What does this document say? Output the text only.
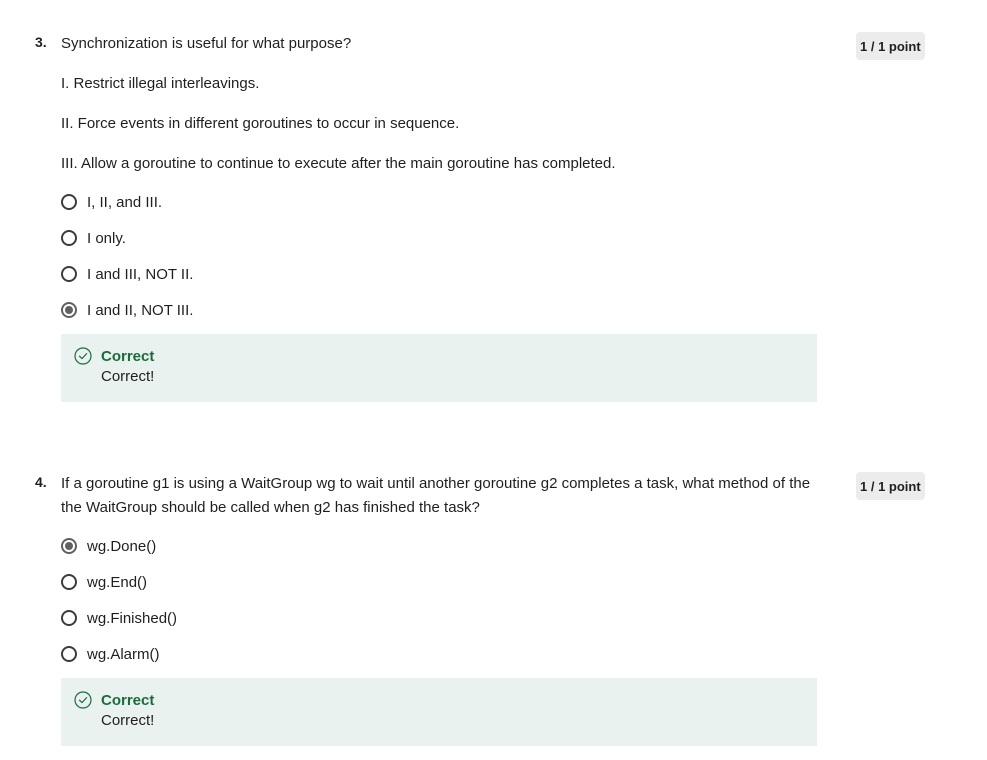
3. Synchronization is useful for what purpose?

I. Restrict illegal interleavings.

II. Force events in different goroutines to occur in sequence.

III. Allow a goroutine to continue to execute after the main goroutine has completed.

I, II, and III.
I only.
I and III, NOT II.
I and II, NOT III.
Correct
Correct!
1 / 1 point
4. If a goroutine g1 is using a WaitGroup wg to wait until another goroutine g2 completes a task, what method of the the WaitGroup should be called when g2 has finished the task?

wg.Done()
wg.End()
wg.Finished()
wg.Alarm()
Correct
Correct!
1 / 1 point
